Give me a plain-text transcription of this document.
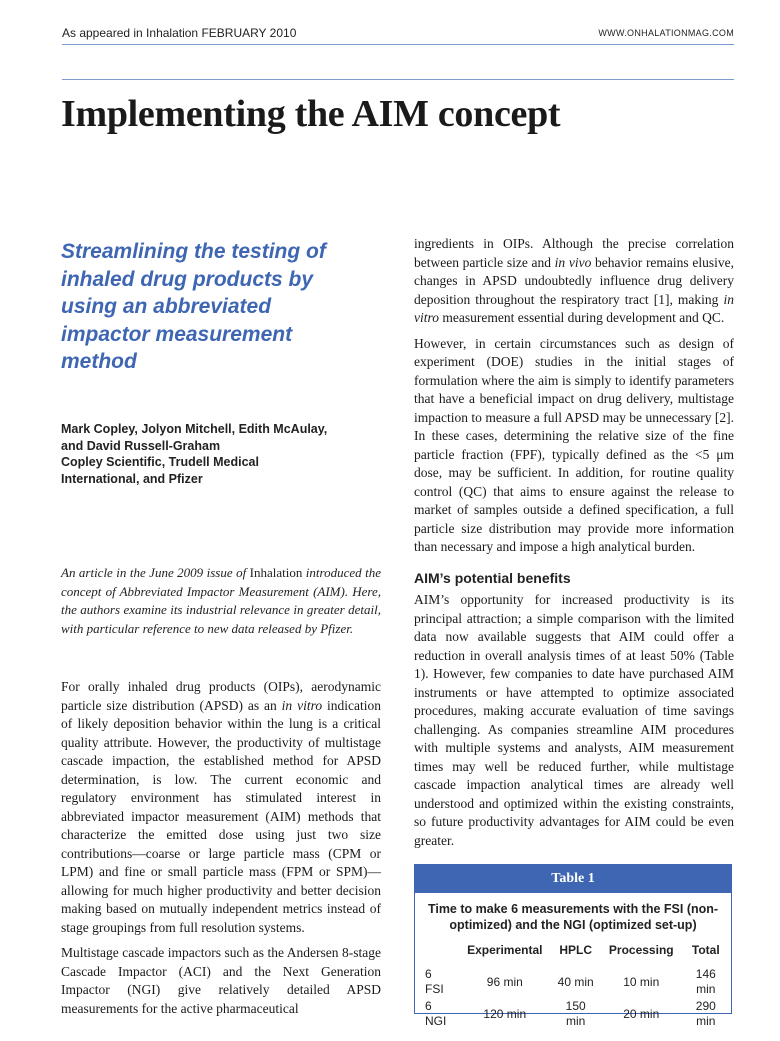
As appeared in Inhalation FEBRUARY 2010	WWW.ONHALATIONMAG.COM
Implementing the AIM concept
Streamlining the testing of inhaled drug products by using an abbreviated impactor measurement method
Mark Copley, Jolyon Mitchell, Edith McAulay,
and David Russell-Graham
Copley Scientific, Trudell Medical
International, and Pfizer
An article in the June 2009 issue of Inhalation introduced the concept of Abbreviated Impactor Measurement (AIM). Here, the authors examine its industrial relevance in greater detail, with particular reference to new data released by Pfizer.

For orally inhaled drug products (OIPs), aerodynamic particle size distribution (APSD) as an in vitro indication of likely deposition behavior within the lung is a critical quality attribute. However, the productivity of multistage cascade impaction, the established method for APSD determination, is low. The current economic and regulatory environment has stimulated interest in abbreviated impactor measurement (AIM) methods that characterize the emitted dose using just two size contributions—coarse or large particle mass (CPM or LPM) and fine or small particle mass (FPM or SPM)—allowing for much higher productivity and better decision making based on mutually independent metrics instead of stage groupings from full resolution systems.

Multistage cascade impactors such as the Andersen 8-stage Cascade Impactor (ACI) and the Next Generation Impactor (NGI) give relatively detailed APSD measurements for the active pharmaceutical

ingredients in OIPs. Although the precise correlation between particle size and in vivo behavior remains elusive, changes in APSD undoubtedly influence drug delivery deposition throughout the respiratory tract [1], making in vitro measurement essential during development and QC.

However, in certain circumstances such as design of experiment (DOE) studies in the initial stages of formulation where the aim is simply to identify parameters that have a beneficial impact on drug delivery, multistage impaction to measure a full APSD may be unnecessary [2]. In these cases, determining the relative size of the fine particle fraction (FPF), typically defined as the <5 μm dose, may be sufficient. In addition, for routine quality control (QC) that aims to ensure against the release to market of samples outside a defined specification, a full particle size distribution may provide more information than necessary and impose a high analytical burden.

AIM’s potential benefits

AIM’s opportunity for increased productivity is its principal attraction; a simple comparison with the limited data now available suggests that AIM could offer a reduction in overall analysis times of at least 50% (Table 1). However, few companies to date have purchased AIM instruments or have attempted to optimize associated procedures, making accurate evaluation of time savings challenging. As companies streamline AIM procedures with multiple systems and analysts, AIM measurement times may well be reduced further, while multistage cascade impaction analytical times are already well understood and optimized within the existing constraints, so future productivity advantages for AIM could be even greater.

Table 1
Time to make 6 measurements with the FSI (non-optimized) and the NGI (optimized set-up)
	Experimental	HPLC	Processing	Total
6 FSI	96 min	40 min	10 min	146 min
6 NGI	120 min	150 min	20 min	290 min
